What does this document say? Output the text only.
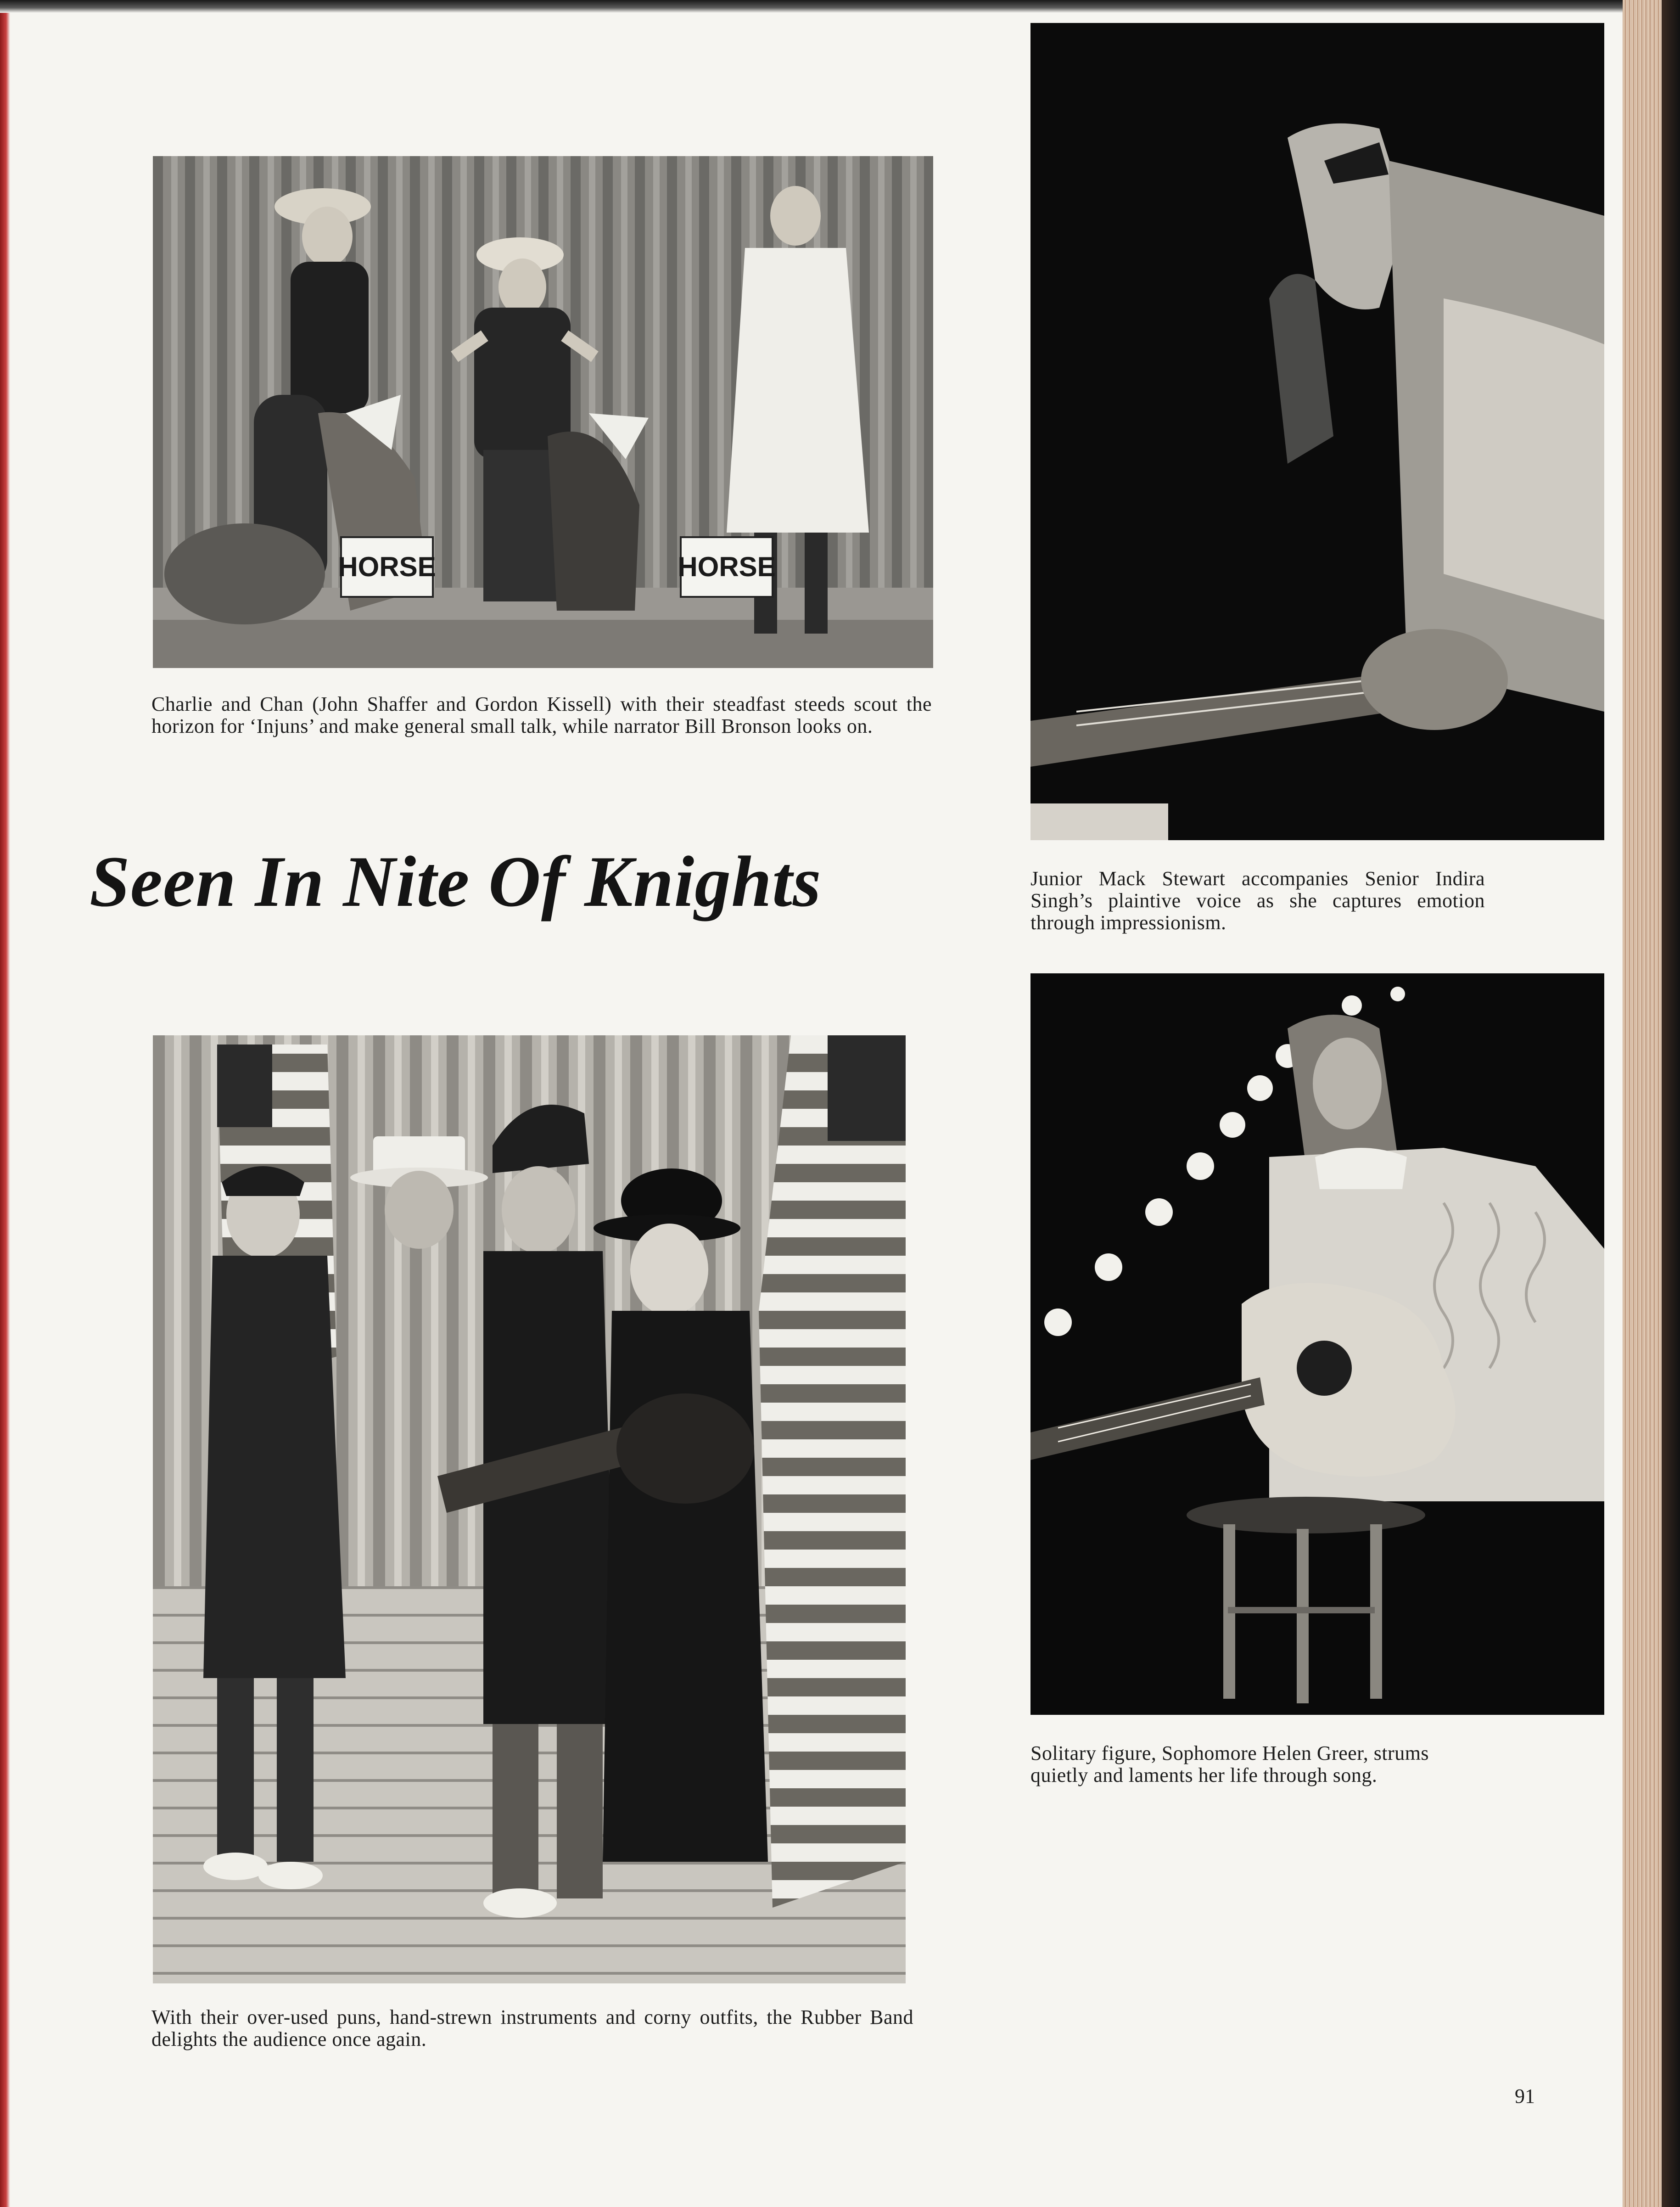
HORSE	HORSE

Charlie and Chan (John Shaffer and Gordon Kissell) with their steadfast steeds scout the horizon for ‘Injuns’ and make general small talk, while narrator Bill Bronson looks on.

Seen In Nite Of Knights	Junior Mack Stewart accompanies Senior Indira Singh’s plaintive voice as she captures emotion through impressionism.

With their over-used puns, hand-strewn instruments and corny outfits, the Rubber Band delights the audience once again.

Solitary figure, Sophomore Helen Greer, strums quietly and laments her life through song.

91
